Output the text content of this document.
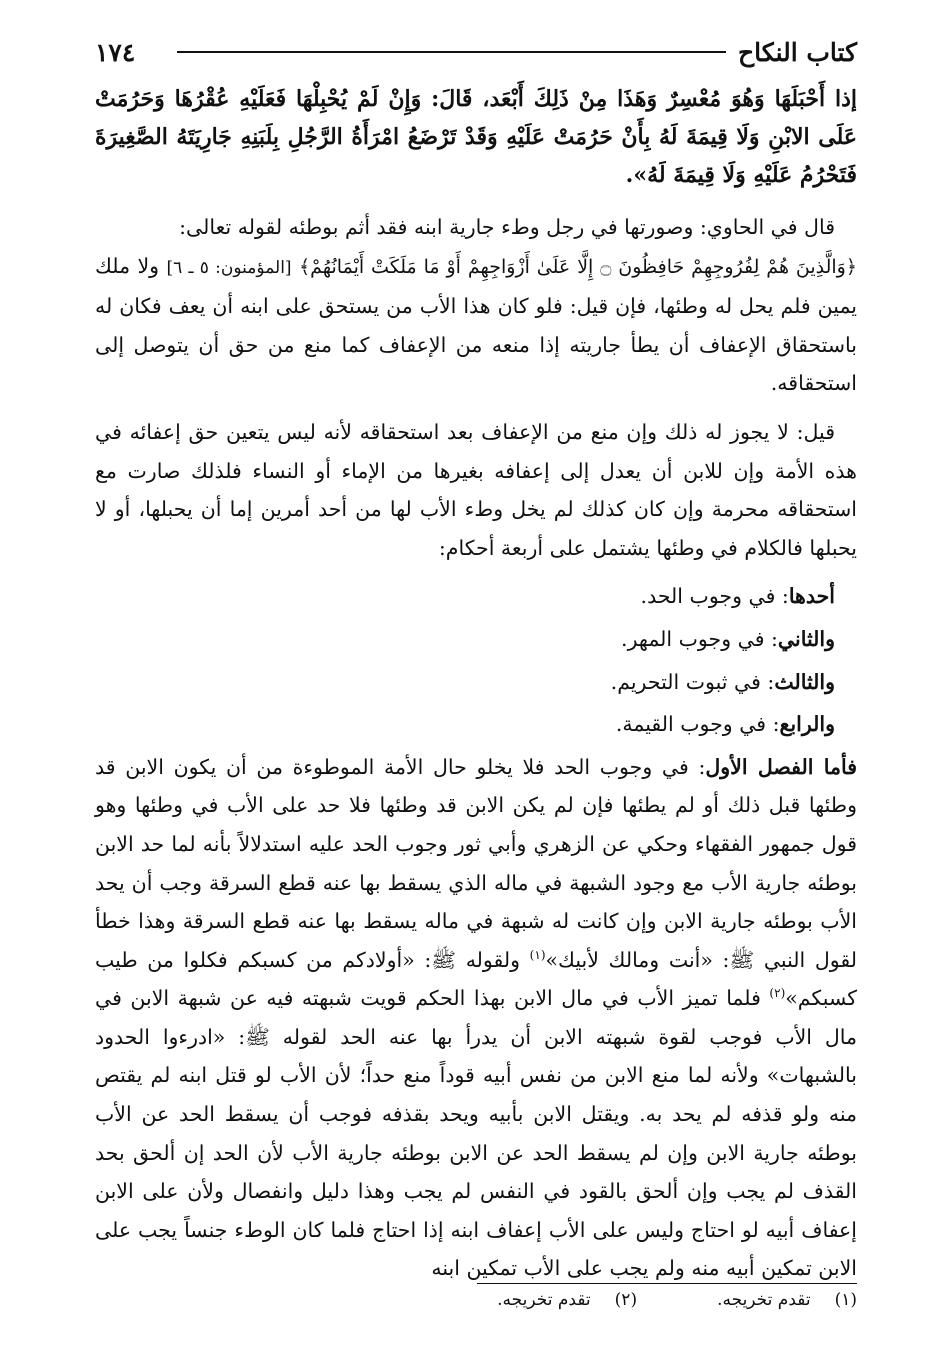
١٧٤	كتاب النكاح

إذا أَحْبَلَهَا وَهُوَ مُعْسِرٌ وَهَذَا مِنْ ذَلِكَ أَبْعَد، قَالَ: وَإِنْ لَمْ يُحْبِلْهَا فَعَلَيْهِ عُقْرُهَا وَحَرُمَتْ عَلَى الابْنِ وَلَا قِيمَةَ لَهُ بِأَنْ حَرُمَتْ عَلَيْهِ وَقَدْ تَرْضَعُ امْرَأَةُ الرَّجُلِ بِلَبَنِهِ جَارِيَتَهُ الصَّغِيرَةَ فَتَحْرُمُ عَلَيْهِ وَلَا قِيمَةَ لَهُ».

قال في الحاوي: وصورتها في رجل وطء جارية ابنه فقد أثم بوطئه لقوله تعالى:
﴿وَالَّذِينَ هُمْ لِفُرُوجِهِمْ حَافِظُونَ ۝ إِلَّا عَلَىٰ أَزْوَاجِهِمْ أَوْ مَا مَلَكَتْ أَيْمَانُهُمْ﴾ [المؤمنون: ٥ ـ ٦] ولا ملك يمين فلم يحل له وطئها، فإن قيل: فلو كان هذا الأب من يستحق على ابنه أن يعف فكان له باستحقاق الإعفاف أن يطأ جاريته إذا منعه من الإعفاف كما منع من حق أن يتوصل إلى استحقاقه.

قيل: لا يجوز له ذلك وإن منع من الإعفاف بعد استحقاقه لأنه ليس يتعين حق إعفائه في هذه الأمة وإن للابن أن يعدل إلى إعفافه بغيرها من الإماء أو النساء فلذلك صارت مع استحقاقه محرمة وإن كان كذلك لم يخل وطء الأب لها من أحد أمرين إما أن يحبلها، أو لا يحبلها فالكلام في وطئها يشتمل على أربعة أحكام:

أحدها: في وجوب الحد.
والثاني: في وجوب المهر.
والثالث: في ثبوت التحريم.
والرابع: في وجوب القيمة.

فأما الفصل الأول: في وجوب الحد فلا يخلو حال الأمة الموطوءة من أن يكون الابن قد وطئها قبل ذلك أو لم يطئها فإن لم يكن الابن قد وطئها فلا حد على الأب في وطئها وهو قول جمهور الفقهاء وحكي عن الزهري وأبي ثور وجوب الحد عليه استدلالاً بأنه لما حد الابن بوطئه جارية الأب مع وجود الشبهة في ماله الذي يسقط بها عنه قطع السرقة وجب أن يحد الأب بوطئه جارية الابن وإن كانت له شبهة في ماله يسقط بها عنه قطع السرقة وهذا خطأ لقول النبي ﷺ: «أنت ومالك لأبيك»$^{(١)}$ ولقوله ﷺ: «أولادكم من كسبكم فكلوا من طيب كسبكم»$^{(٢)}$ فلما تميز الأب في مال الابن بهذا الحكم قويت شبهته فيه عن شبهة الابن في مال الأب فوجب لقوة شبهته الابن أن يدرأ بها عنه الحد لقوله ﷺ: «ادرءوا الحدود بالشبهات» ولأنه لما منع الابن من نفس أبيه قوداً منع حداً؛ لأن الأب لو قتل ابنه لم يقتص منه ولو قذفه لم يحد به. ويقتل الابن بأبيه ويحد بقذفه فوجب أن يسقط الحد عن الأب بوطئه جارية الابن وإن لم يسقط الحد عن الابن بوطئه جارية الأب لأن الحد إن ألحق بحد القذف لم يجب وإن ألحق بالقود في النفس لم يجب وهذا دليل وانفصال ولأن على الابن إعفاف أبيه لو احتاج وليس على الأب إعفاف ابنه إذا احتاج فلما كان الوطء جنساً يجب على الابن تمكين أبيه منه ولم يجب على الأب تمكين ابنه

(١)تقدم تخريجه.
(٢)تقدم تخريجه.
